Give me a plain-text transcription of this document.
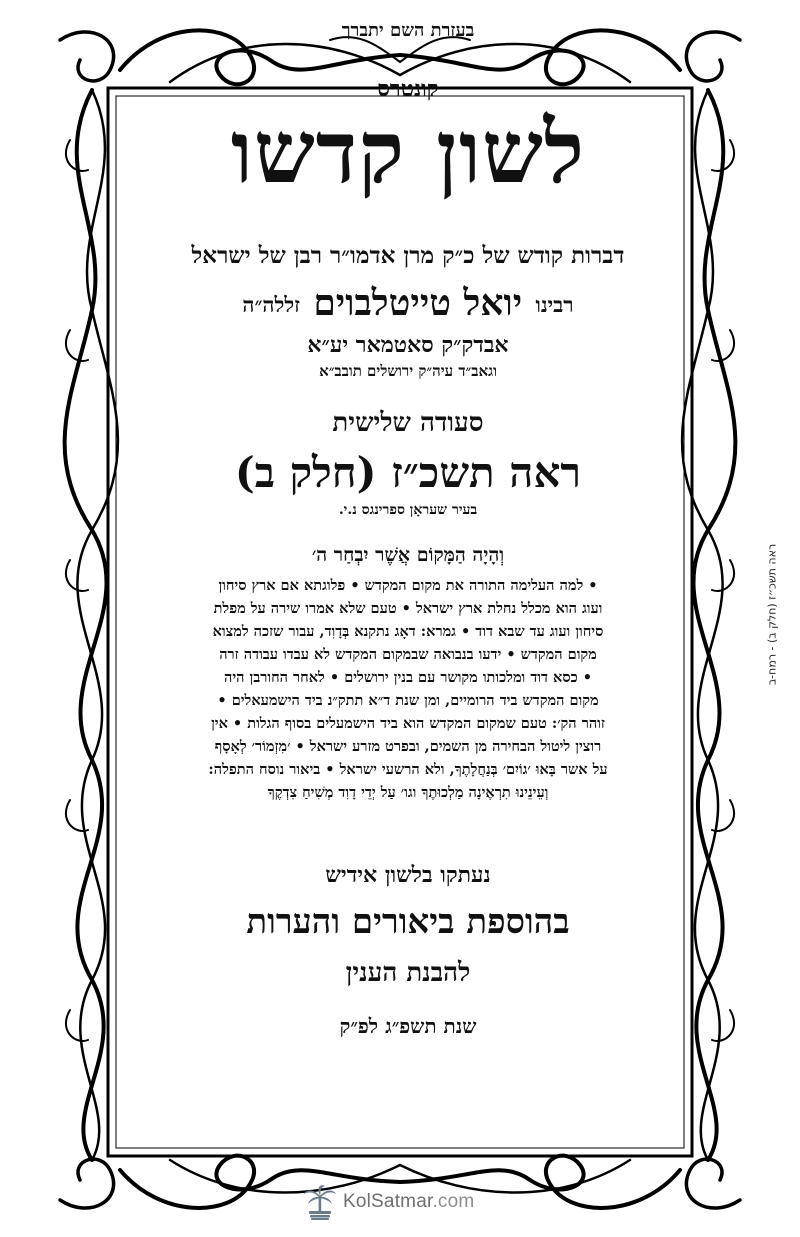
בעזרת השם יתברך
קונטרס
לשון קדשו
דברות קודש של כ״ק מרן אדמו״ר רבן של ישראל
רבינו יואל טייטלבוים זללה״ה
אבדק״ק סאטמאר יע״א
וגאב״ד עיה״ק ירושלים תובב״א
סעודה שלישית
ראה תשכ״ז (חלק ב)
בעיר שעראָן ספרינגס נ.י.
וְהָיָה הַמָּקוֹם אֲשֶׁר יִבְחַר ה׳
• למה העלימה התורה את מקום המקדש • פלוגתא אם ארץ סיחון
ועוג הוא מכלל נחלת ארץ ישראל • טעם שלא אמרו שירה על מפלת
סיחון ועוג עד שבא דוד • גמרא: דאָג נתקנא בְּדָוִד, עבור שזכה למצוא
מקום המקדש • ידעו בנבואה שבמקום המקדש לא עבדו עבודה זרה
• כסא דוד ומלכותו מקושר עם בנין ירושלים • לאחר החורבן היה
מקום המקדש ביד הרומיים, ומן שנת ד״א תתק״נ ביד הישמעאלים •
זוהר הק׳: טעם שמקום המקדש הוא ביד הישמעלים בסוף הגלות • אין
רוצין ליטול הבחירה מן השמים, ובפרט מזרע ישראל • ׳מִזְמוֹר׳ לְאָסָף
על אשר בָּאוּ ׳גוֹיִם׳ בְּנַחֲלָתֶךָ, ולא הרשעי ישראל • ביאור נוסח התפלה:
וְעֵינֵינוּ תִרְאֶינָה מַלְכוּתֶךָ וגו׳ עַל יְדֵי דָוִד מְשִׁיחַ צִדְקֶךָ
נעתקו בלשון אידיש
בהוספת ביאורים והערות
להבנת הענין
שנת תשפ״ג לפ״ק
ראה תשכ״ז (חלק ב) - רמח-ב
KolSatmar.com
